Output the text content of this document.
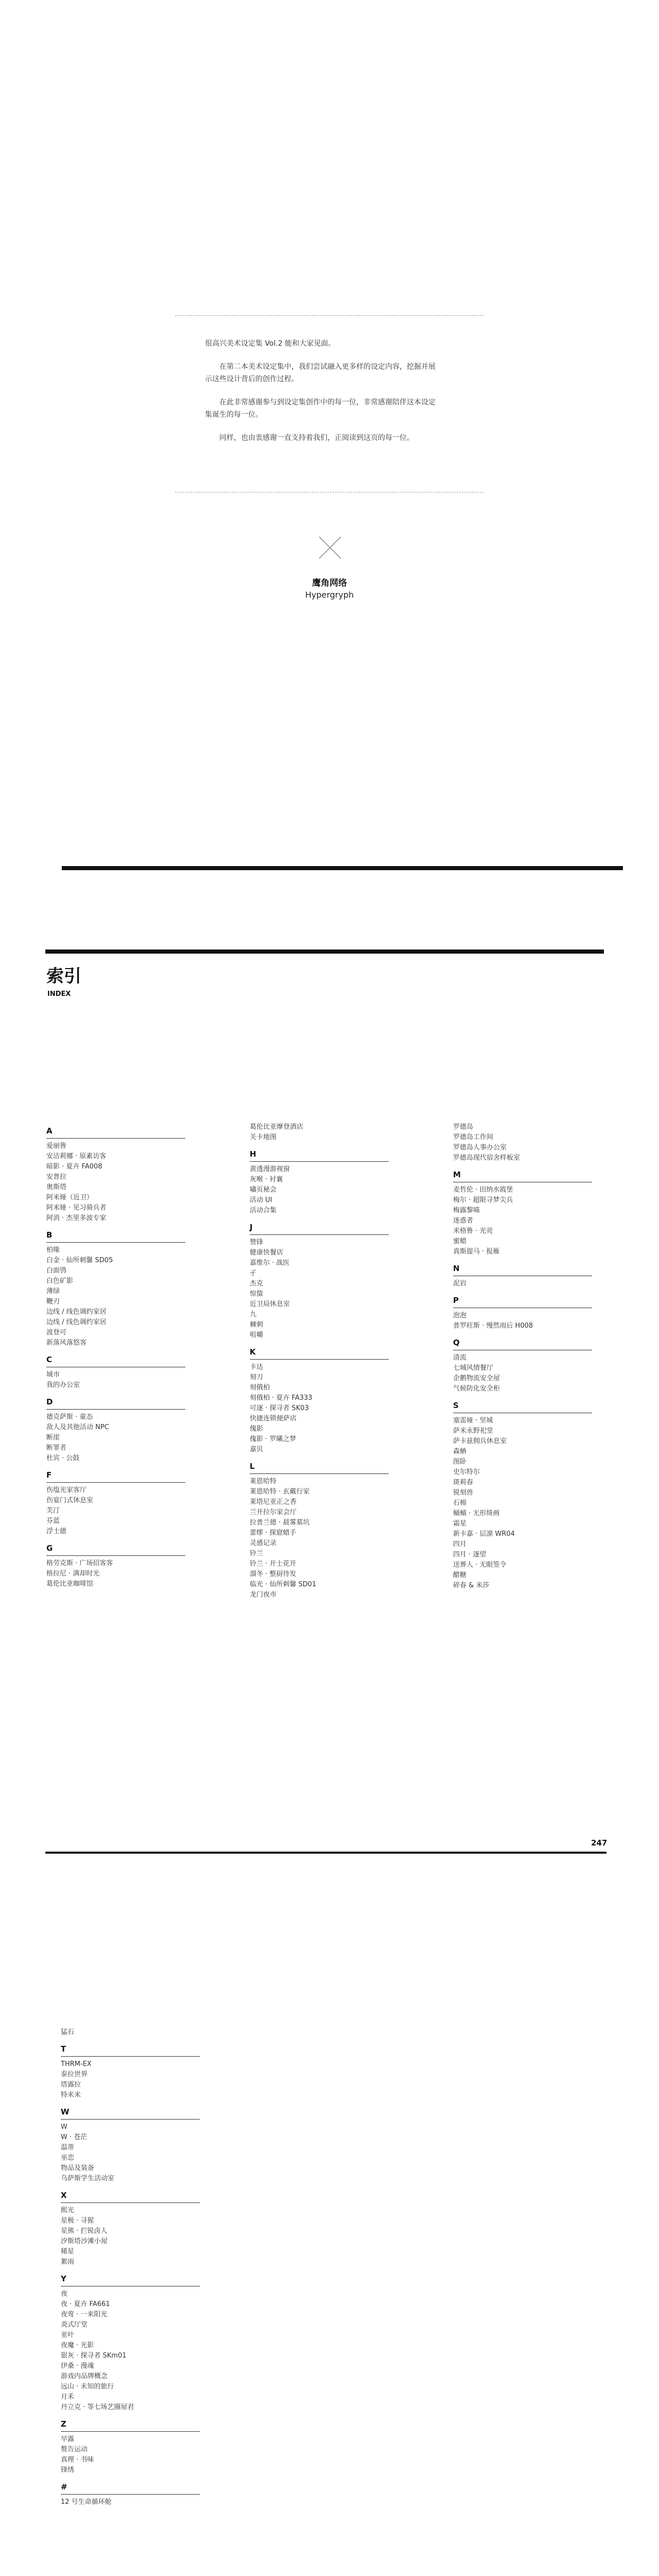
很高兴美术设定集 Vol.2 能和大家见面。

在第二本美术设定集中，我们尝试融入更多样的设定内容，挖掘并展

示这些设计背后的创作过程。

在此非常感谢参与到设定集创作中的每一位，非常感谢陪伴这本设定

集诞生的每一位。

同样，也由衷感谢一直支持着我们，正阅读到这页的每一位。

鹰角网络
Hypergryph
索引
INDEX
A
爱丽鲁
安洁莉娜 · 原素访客
暗影 · 夏卉 FA008
安普拉
奥斯塔
阿米娅（近卫）
阿米娅 · 见习骑兵者
阿消 · 杰里多波专家
B
柏喙
白金 · 仙所刺馨 SD05
白面鸮
白色矿影
薄绿
鞭刃
边线 / 线色调约家居
边线 / 线色调约家居
波登可
新落风落悠客
C
城市
我的办公室
D
德克萨斯 · 童态
敌人及其他活动 NPC
断崖
断罪者
杜宾 · 公鼓
F
伤塩光家客厅
伤宴门式休息室
芙汀
芬蓝
浮士德
G
格劳克斯 · 广场招客客
格拉尼 · 满却时光
葛伦比亚咖啡馆
葛伦比亚摩登酒店
关卡地图
H
黄透漫游视窗
灰喉 · 衬襄
嘯页秘会
活动 UI
活动合集
J
赞锋
健康快餐店
嘉维尔 · 战医
孑
杰克
惊蛰
近卫局休息室
九
棘刺
咀嚼
K
卡达
刻刀
刻俄柏
刻俄柏 · 夏卉 FA333
可逐 · 探寻者 SK03
快捷连锁便萨店
傀影
傀影 · 罗曦之梦
嘉贝
L
莱恩哈特
莱恩哈特 · 玄戴行家
莱塔尼亚正之香
兰开拉尔家会厅
拉普兰德 · 晨雾墓坑
蕾缪 · 探窟蜡手
灵感记录
铃兰
铃兰 · 开士花开
溜冬 · 整厨待发
临光 · 仙所刺馨 SD01
龙门夜市
罗德岛
罗德岛工作间
罗德岛人事办公室
罗德岛现代宿舍样板室
M
麦哲伦 · 田纳水霞堡
梅尔 · 超限寻梦尖兵
梅露黎喵
迷惑者
米格鲁 · 光亮
蜜蜡
真斯提马 · 报雁
N
泥岩
P
泡泡
普罗旺斯 · 慢然雨后 H008
Q
清流
七城风情餐厅
企鹅物流安全屋
气候防化安全柜
S
塞雷娅 · 坚城
萨米永野祀堂
萨卡兹佣兵休息室
森蚺
图卧
史尔特尔
斑莉春
锐刻兽
石棉
蛹蛹 · 无形绮画
霜星
新卡嘉 · 层凛 WR04
四月
四月 · 逐望
送葬人 · 无眼签令
醋糖
碎春 & 米莎
247
猛石
T
THRM-EX
泰拉世界
塔露拉
特米米
W
W
W · 苍茫
温蒂
巫恋
物品及装备
乌萨斯学生活动室
X
熙光
星极 · 寻猩
星熊 · 拦锐卤人
汐斯塔沙滩小屋
稀星
絮雨
Y
夜
夜 · 夏卉 FA661
夜莺 · 一来阳光
炎式厅堂
亚叶
夜魔 · 光影
银灰 · 探寻者 SKm01
伊桑 · 漫魂
游戏内品牌概念
远山 · 未知的旅行
月禾
丹立克 · 等七场艺圈屋君
Z
早露
赘告运动
真理 · 书味
锋绣
#
12 号生命循环舱
